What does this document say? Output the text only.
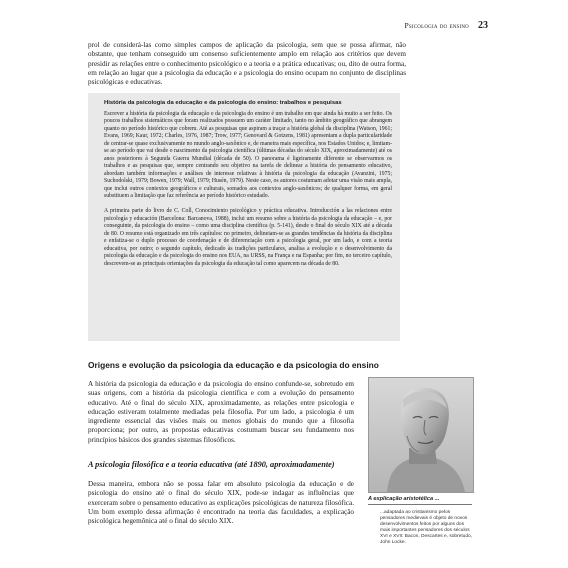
Psicologia do ensino 23

prol de considerá-las como simples campos de aplicação da psicologia, sem que se possa afirmar, não obstante, que tenham conseguido um consenso suficientemente amplo em relação aos critérios que devem presidir as relações entre o conhecimento psicológico e a teoria e a prática educativas; ou, dito de outra forma, em relação ao lugar que a psicologia da educação e a psicologia do ensino ocupam no conjunto de disciplinas psicológicas e educativas.

História da psicologia da educação e da psicologia do ensino: trabalhos e pesquisas

Escrever a história da psicologia da educação e da psicologia do ensino é um trabalho em que ainda há muito a ser feito. Os poucos trabalhos sistemáticos que foram realizados possuem um caráter limitado, tanto no âmbito geográfico que abrangem quanto no período histórico que cobrem. Até as pesquisas que aspiram a traçar a história global da disciplina (Watson, 1961; Evans, 1969; Kaur, 1972; Charles, 1976, 1987; Trow, 1977; Genovard & Gotzens, 1981) apresentam a dupla particularidade de centrar-se quase exclusivamente no mundo anglo-saxônico e, de maneira mais específica, nos Estados Unidos; e, limitam-se ao período que vai desde o nascimento da psicologia científica (últimas décadas do século XIX, aproximadamente) até os anos posteriores à Segunda Guerra Mundial (década de 50). O panorama é ligeiramente diferente se observarmos os trabalhos e as pesquisas que, sempre centrando seu objetivo na tarefa de delinear a história do pensamento educativo, abordam também informações e análises de interesse relativas à história da psicologia da educação (Avanzini, 1975; Suchodolski, 1979; Bowen, 1979; Wall, 1979; Husén, 1979). Neste caso, os autores costumam adotar uma visão mais ampla, que inclui outros contextos geográficos e culturais, somados aos contextos anglo-saxônicos; de qualquer forma, em geral substituem a limitação que faz referência ao período histórico estudado.

A primeira parte do livro de C. Coll, Conocimiento psicológico y práctica educativa. Introducción a las relaciones entre psicología y educación (Barcelona: Barcanova, 1988), inclui um resumo sobre a história da psicologia da educação – e, por conseguinte, da psicologia do ensino – como uma disciplina científica (p. 5-141), desde o final do século XIX até a década de 80. O resumo está organizado em três capítulos: no primeiro, delineiam-se as grandes tendências da história da disciplina e enfatiza-se o duplo processo de coordenação e de diferenciação com a psicologia geral, por um lado, e com a teoria educativa, por outro; o segundo capítulo, dedicado às tradições particulares, analisa a evolução e o desenvolvimento da psicologia da educação e da psicologia do ensino nos EUA, na URSS, na França e na Espanha; por fim, no terceiro capítulo, descrevem-se as principais orientações da psicologia da educação tal como aparecem na década de 80.

Origens e evolução da psicologia da educação e da psicologia do ensino

A história da psicologia da educação e da psicologia do ensino confunde-se, sobretudo em suas origens, com a história da psicologia científica e com a evolução do pensamento educativo. Até o final do século XIX, aproximadamente, as relações entre psicologia e educação estiveram totalmente mediadas pela filosofia. Por um lado, a psicologia é um ingrediente essencial das visões mais ou menos globais do mundo que a filosofia proporciona; por outro, as propostas educativas costumam buscar seu fundamento nos princípios básicos dos grandes sistemas filosóficos.

A psicologia filosófica e a teoria educativa (até 1890, aproximadamente)

Dessa maneira, embora não se possa falar em absoluto psicologia da educação e de psicologia do ensino até o final do século XIX, pode-se indagar as influências que exerceram sobre o pensamento educativo as explicações psicológicas de natureza filosófica. Um bom exemplo dessa afirmação é encontrado na teoria das faculdades, a explicação psicológica hegemônica até o final do século XIX.

A explicação aristotélica ...
...adaptada ao cristianismo pelos pensadores medievais é objeto de novos desenvolvimentos feitos por alguns dos mais importantes pensadores dos séculos XVI e XVII: Bacon, Descartes e, sobretudo, John Locke.
